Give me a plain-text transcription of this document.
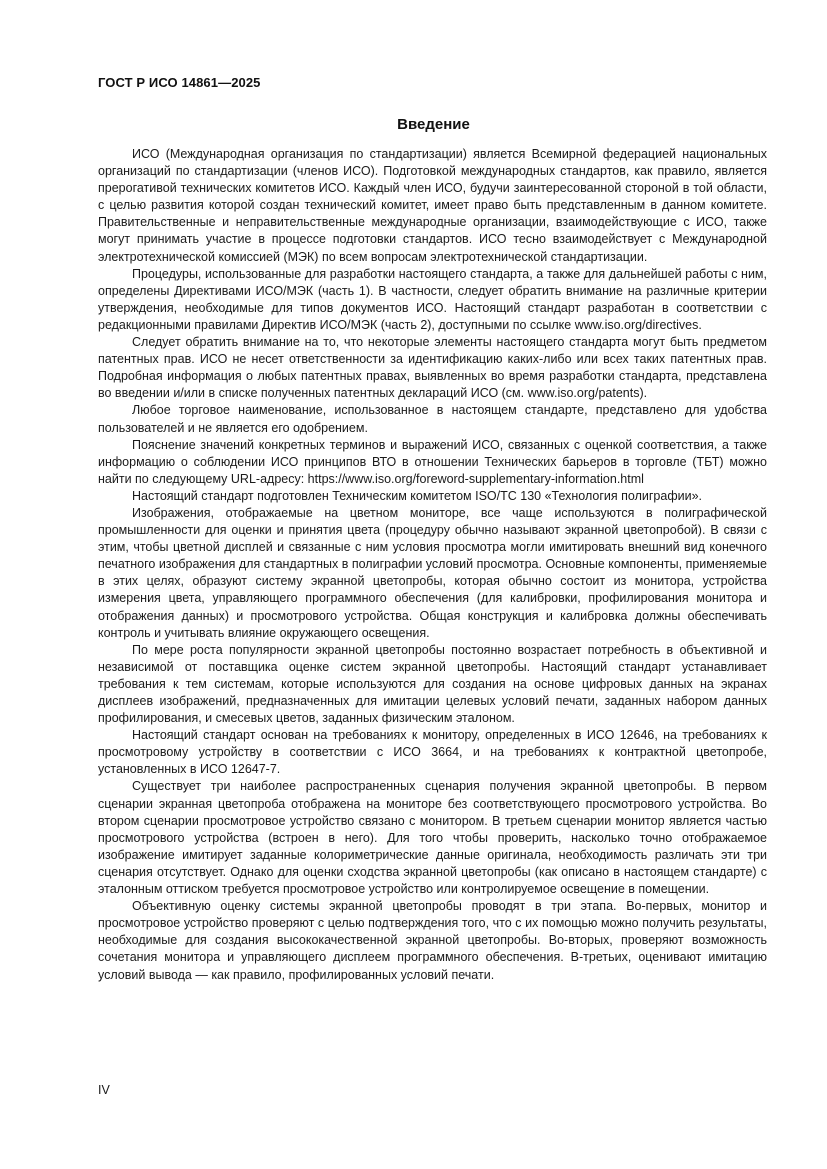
ГОСТ Р ИСО 14861—2025
Введение

ИСО (Международная организация по стандартизации) является Всемирной федерацией национальных организаций по стандартизации (членов ИСО). Подготовкой международных стандартов, как правило, является прерогативой технических комитетов ИСО. Каждый член ИСО, будучи заинтересованной стороной в той области, с целью развития которой создан технический комитет, имеет право быть представленным в данном комитете. Правительственные и неправительственные международные организации, взаимодействующие с ИСО, также могут принимать участие в процессе подготовки стандартов. ИСО тесно взаимодействует с Международной электротехнической комиссией (МЭК) по всем вопросам электротехнической стандартизации.

Процедуры, использованные для разработки настоящего стандарта, а также для дальнейшей работы с ним, определены Директивами ИСО/МЭК (часть 1). В частности, следует обратить внимание на различные критерии утверждения, необходимые для типов документов ИСО. Настоящий стандарт разработан в соответствии с редакционными правилами Директив ИСО/МЭК (часть 2), доступными по ссылке www.iso.org/directives.

Следует обратить внимание на то, что некоторые элементы настоящего стандарта могут быть предметом патентных прав. ИСО не несет ответственности за идентификацию каких-либо или всех таких патентных прав. Подробная информация о любых патентных правах, выявленных во время разработки стандарта, представлена во введении и/или в списке полученных патентных деклараций ИСО (см. www.iso.org/patents).

Любое торговое наименование, использованное в настоящем стандарте, представлено для удобства пользователей и не является его одобрением.

Пояснение значений конкретных терминов и выражений ИСО, связанных с оценкой соответствия, а также информацию о соблюдении ИСО принципов ВТО в отношении Технических барьеров в торговле (ТБТ) можно найти по следующему URL-адресу: https://www.iso.org/foreword-supplementary-information.html

Настоящий стандарт подготовлен Техническим комитетом ISO/TC 130 «Технология полиграфии».

Изображения, отображаемые на цветном мониторе, все чаще используются в полиграфической промышленности для оценки и принятия цвета (процедуру обычно называют экранной цветопробой). В связи с этим, чтобы цветной дисплей и связанные с ним условия просмотра могли имитировать внешний вид конечного печатного изображения для стандартных в полиграфии условий просмотра. Основные компоненты, применяемые в этих целях, образуют систему экранной цветопробы, которая обычно состоит из монитора, устройства измерения цвета, управляющего программного обеспечения (для калибровки, профилирования монитора и отображения данных) и просмотрового устройства. Общая конструкция и калибровка должны обеспечивать контроль и учитывать влияние окружающего освещения.

По мере роста популярности экранной цветопробы постоянно возрастает потребность в объективной и независимой от поставщика оценке систем экранной цветопробы. Настоящий стандарт устанавливает требования к тем системам, которые используются для создания на основе цифровых данных на экранах дисплеев изображений, предназначенных для имитации целевых условий печати, заданных набором данных профилирования, и смесевых цветов, заданных физическим эталоном.

Настоящий стандарт основан на требованиях к монитору, определенных в ИСО 12646, на требованиях к просмотровому устройству в соответствии с ИСО 3664, и на требованиях к контрактной цветопробе, установленных в ИСО 12647-7.

Существует три наиболее распространенных сценария получения экранной цветопробы. В первом сценарии экранная цветопроба отображена на мониторе без соответствующего просмотрового устройства. Во втором сценарии просмотровое устройство связано с монитором. В третьем сценарии монитор является частью просмотрового устройства (встроен в него). Для того чтобы проверить, насколько точно отображаемое изображение имитирует заданные колориметрические данные оригинала, необходимость различать эти три сценария отсутствует. Однако для оценки сходства экранной цветопробы (как описано в настоящем стандарте) с эталонным оттиском требуется просмотровое устройство или контролируемое освещение в помещении.

Объективную оценку системы экранной цветопробы проводят в три этапа. Во-первых, монитор и просмотровое устройство проверяют с целью подтверждения того, что с их помощью можно получить результаты, необходимые для создания высококачественной экранной цветопробы. Во-вторых, проверяют возможность сочетания монитора и управляющего дисплеем программного обеспечения. В-третьих, оценивают имитацию условий вывода — как правило, профилированных условий печати.

IV
